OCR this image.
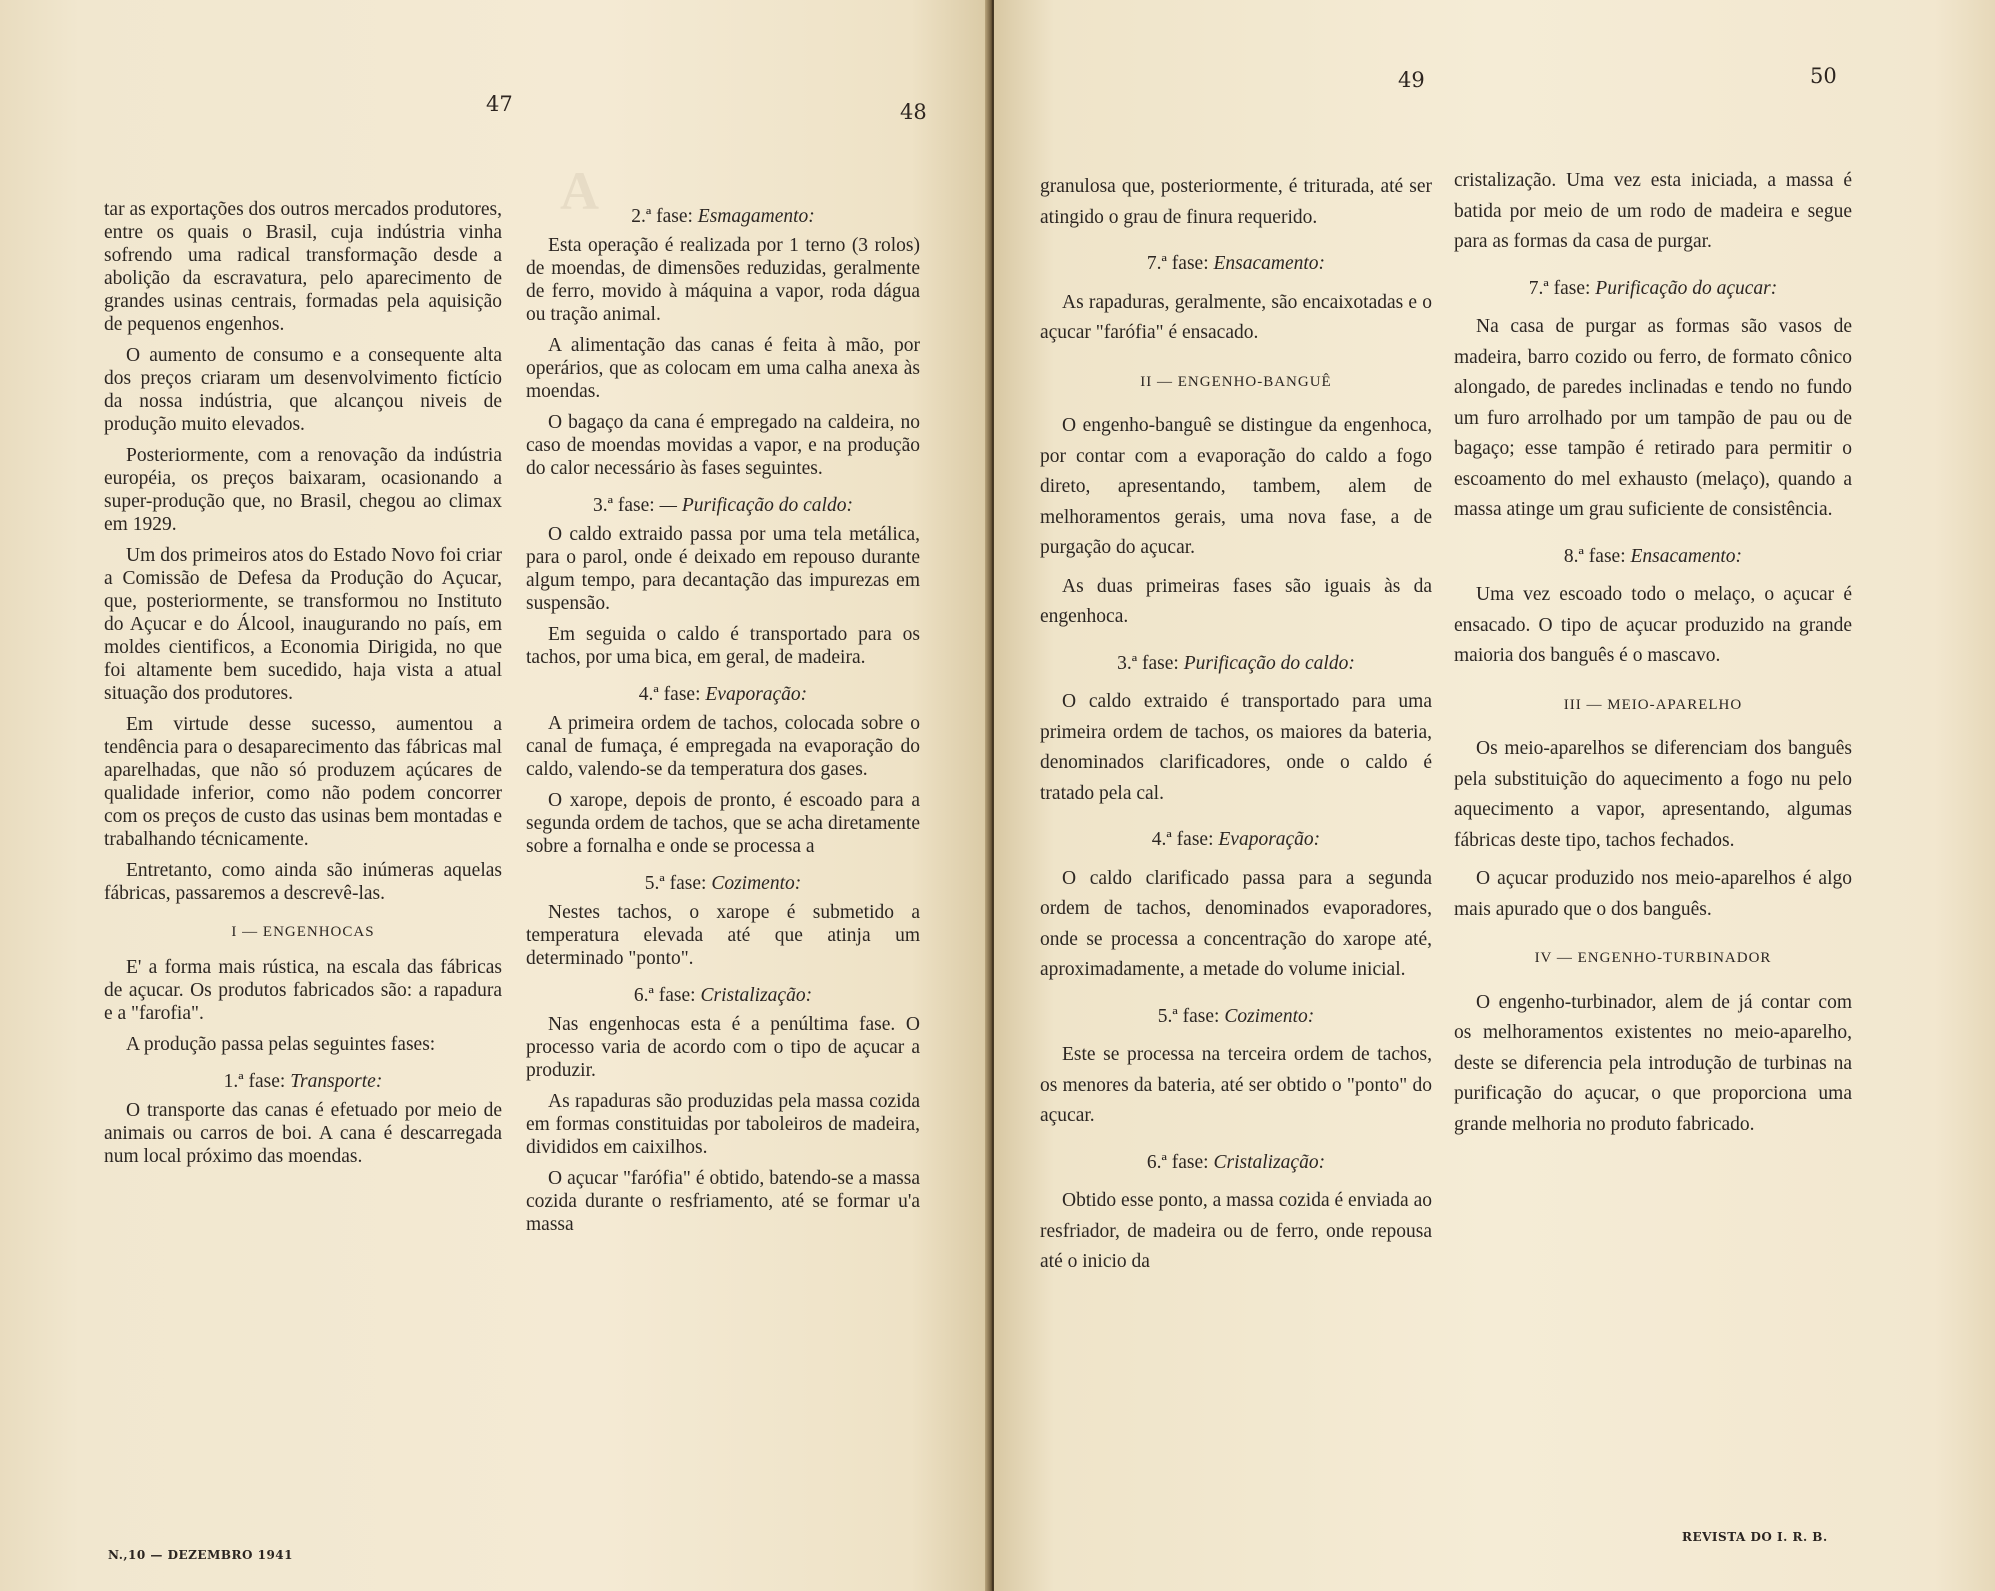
A
47	48

tar as exportações dos outros mercados produtores, entre os quais o Brasil, cuja indústria vinha sofrendo uma radical transformação desde a abolição da escravatura, pelo aparecimento de grandes usinas centrais, formadas pela aquisição de pequenos engenhos.

O aumento de consumo e a consequente alta dos preços criaram um desenvolvimento fictício da nossa indústria, que alcançou niveis de produção muito elevados.

Posteriormente, com a renovação da indústria européia, os preços baixaram, ocasionando a super-produção que, no Brasil, chegou ao climax em 1929.

Um dos primeiros atos do Estado Novo foi criar a Comissão de Defesa da Produção do Açucar, que, posteriormente, se transformou no Instituto do Açucar e do Álcool, inaugurando no país, em moldes cientificos, a Economia Dirigida, no que foi altamente bem sucedido, haja vista a atual situação dos produtores.

Em virtude desse sucesso, aumentou a tendência para o desaparecimento das fábricas mal aparelhadas, que não só produzem açúcares de qualidade inferior, como não podem concorrer com os preços de custo das usinas bem montadas e trabalhando técnicamente.

Entretanto, como ainda são inúmeras aquelas fábricas, passaremos a descrevê-las.

I — ENGENHOCAS

E' a forma mais rústica, na escala das fábricas de açucar. Os produtos fabricados são: a rapadura e a "farofia".

A produção passa pelas seguintes fases:

1.ª fase: Transporte:

O transporte das canas é efetuado por meio de animais ou carros de boi. A cana é descarregada num local próximo das moendas.

2.ª fase: Esmagamento:

Esta operação é realizada por 1 terno (3 rolos) de moendas, de dimensões reduzidas, geralmente de ferro, movido à máquina a vapor, roda dágua ou tração animal.

A alimentação das canas é feita à mão, por operários, que as colocam em uma calha anexa às moendas.

O bagaço da cana é empregado na caldeira, no caso de moendas movidas a vapor, e na produção do calor necessário às fases seguintes.

3.ª fase: — Purificação do caldo:

O caldo extraido passa por uma tela metálica, para o parol, onde é deixado em repouso durante algum tempo, para decantação das impurezas em suspensão.

Em seguida o caldo é transportado para os tachos, por uma bica, em geral, de madeira.

4.ª fase: Evaporação:

A primeira ordem de tachos, colocada sobre o canal de fumaça, é empregada na evaporação do caldo, valendo-se da temperatura dos gases.

O xarope, depois de pronto, é escoado para a segunda ordem de tachos, que se acha diretamente sobre a fornalha e onde se processa a

5.ª fase: Cozimento:

Nestes tachos, o xarope é submetido a temperatura elevada até que atinja um determinado "ponto".

6.ª fase: Cristalização:

Nas engenhocas esta é a penúltima fase. O processo varia de acordo com o tipo de açucar a produzir.

As rapaduras são produzidas pela massa cozida em formas constituidas por taboleiros de madeira, divididos em caixilhos.

O açucar "farófia" é obtido, batendo-se a massa cozida durante o resfriamento, até se formar u'a massa

N.,10 — DEZEMBRO 1941
49	50

granulosa que, posteriormente, é triturada, até ser atingido o grau de finura requerido.

7.ª fase: Ensacamento:

As rapaduras, geralmente, são encaixotadas e o açucar "farófia" é ensacado.

II — ENGENHO-BANGUÊ

O engenho-banguê se distingue da engenhoca, por contar com a evaporação do caldo a fogo direto, apresentando, tambem, alem de melhoramentos gerais, uma nova fase, a de purgação do açucar.

As duas primeiras fases são iguais às da engenhoca.

3.ª fase: Purificação do caldo:

O caldo extraido é transportado para uma primeira ordem de tachos, os maiores da bateria, denominados clarificadores, onde o caldo é tratado pela cal.

4.ª fase: Evaporação:

O caldo clarificado passa para a segunda ordem de tachos, denominados evaporadores, onde se processa a concentração do xarope até, aproximadamente, a metade do volume inicial.

5.ª fase: Cozimento:

Este se processa na terceira ordem de tachos, os menores da bateria, até ser obtido o "ponto" do açucar.

6.ª fase: Cristalização:

Obtido esse ponto, a massa cozida é enviada ao resfriador, de madeira ou de ferro, onde repousa até o inicio da

cristalização. Uma vez esta iniciada, a massa é batida por meio de um rodo de madeira e segue para as formas da casa de purgar.

7.ª fase: Purificação do açucar:

Na casa de purgar as formas são vasos de madeira, barro cozido ou ferro, de formato cônico alongado, de paredes inclinadas e tendo no fundo um furo arrolhado por um tampão de pau ou de bagaço; esse tampão é retirado para permitir o escoamento do mel exhausto (melaço), quando a massa atinge um grau suficiente de consistência.

8.ª fase: Ensacamento:

Uma vez escoado todo o melaço, o açucar é ensacado. O tipo de açucar produzido na grande maioria dos banguês é o mascavo.

III — MEIO-APARELHO

Os meio-aparelhos se diferenciam dos banguês pela substituição do aquecimento a fogo nu pelo aquecimento a vapor, apresentando, algumas fábricas deste tipo, tachos fechados.

O açucar produzido nos meio-aparelhos é algo mais apurado que o dos banguês.

IV — ENGENHO-TURBINADOR

O engenho-turbinador, alem de já contar com os melhoramentos existentes no meio-aparelho, deste se diferencia pela introdução de turbinas na purificação do açucar, o que proporciona uma grande melhoria no produto fabricado.

REVISTA DO I. R. B.
